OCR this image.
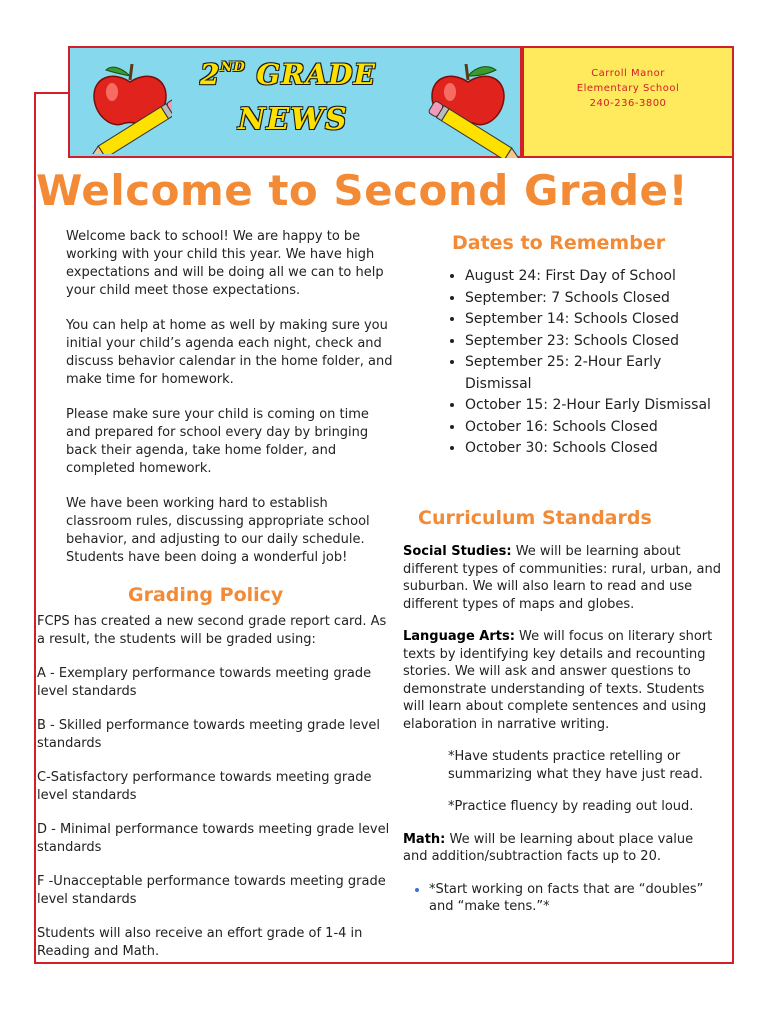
2ND GRADE
NEWS
Carroll Manor
Elementary School
240-236-3800
Welcome to Second Grade!

Welcome back to school! We are happy to be working with your child this year. We have high expectations and will be doing all we can to help your child meet those expectations.

You can help at home as well by making sure you initial your child’s agenda each night, check and discuss behavior calendar in the home folder, and make time for homework.

Please make sure your child is coming on time and prepared for school every day by bringing back their agenda, take home folder, and completed homework.

We have been working hard to establish classroom rules, discussing appropriate school behavior, and adjusting to our daily schedule. Students have been doing a wonderful job!

Grading Policy

FCPS has created a new second grade report card. As a result, the students will be graded using:

A - Exemplary performance towards meeting grade level standards

B - Skilled performance towards meeting grade level standards

C-Satisfactory performance towards meeting grade level standards

D - Minimal performance towards meeting grade level standards

F -Unacceptable performance towards meeting grade level standards

Students will also receive an effort grade of 1-4 in Reading and Math.

Dates to Remember
• August 24: First Day of School
• September: 7 Schools Closed
• September 14: Schools Closed
• September 23: Schools Closed
• September 25: 2-Hour Early Dismissal
• October 15: 2-Hour Early Dismissal
• October 16: Schools Closed
• October 30: Schools Closed
Curriculum Standards

Social Studies: We will be learning about different types of communities: rural, urban, and suburban. We will also learn to read and use different types of maps and globes.

Language Arts: We will focus on literary short texts by identifying key details and recounting stories. We will ask and answer questions to demonstrate understanding of texts. Students will learn about complete sentences and using elaboration in narrative writing.

*Have students practice retelling or summarizing what they have just read.

*Practice fluency by reading out loud.

Math: We will be learning about place value and addition/subtraction facts up to 20.

• *Start working on facts that are “doubles” and “make tens.”*
